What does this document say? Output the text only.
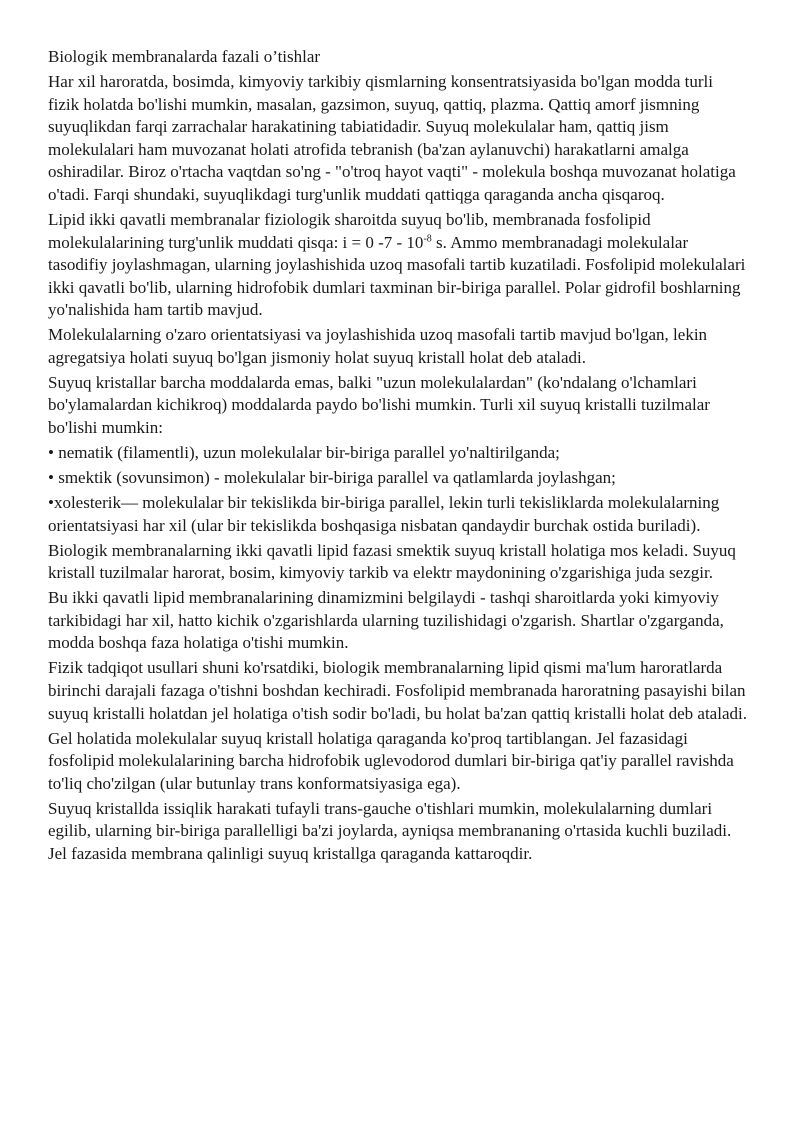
Biologik membranalarda fazali o’tishlar

Har xil haroratda, bosimda, kimyoviy tarkibiy qismlarning konsentratsiyasida bo'lgan modda turli fizik holatda bo'lishi mumkin, masalan, gazsimon, suyuq, qattiq, plazma. Qattiq amorf jismning suyuqlikdan farqi zarrachalar harakatining tabiatidadir. Suyuq molekulalar ham, qattiq jism molekulalari ham muvozanat holati atrofida tebranish (ba'zan aylanuvchi) harakatlarni amalga oshiradilar. Biroz o'rtacha vaqtdan so'ng - "o'troq hayot vaqti" - molekula boshqa muvozanat holatiga o'tadi. Farqi shundaki, suyuqlikdagi turg'unlik muddati qattiqga qaraganda ancha qisqaroq.

Lipid ikki qavatli membranalar fiziologik sharoitda suyuq bo'lib, membranada fosfolipid molekulalarining turg'unlik muddati qisqa: i = 0 $-7 - 10^{-8}$ s. Ammo membranadagi molekulalar tasodifiy joylashmagan, ularning joylashishida uzoq masofali tartib kuzatiladi. Fosfolipid molekulalari ikki qavatli bo'lib, ularning hidrofobik dumlari taxminan bir-biriga parallel. Polar gidrofil boshlarning yo'nalishida ham tartib mavjud.

Molekulalarning o'zaro orientatsiyasi va joylashishida uzoq masofali tartib mavjud bo'lgan, lekin agregatsiya holati suyuq bo'lgan jismoniy holat suyuq kristall holat deb ataladi.

Suyuq kristallar barcha moddalarda emas, balki "uzun molekulalardan" (ko'ndalang o'lchamlari bo'ylamalardan kichikroq) moddalarda paydo bo'lishi mumkin. Turli xil suyuq kristalli tuzilmalar bo'lishi mumkin:

• nematik (filamentli), uzun molekulalar bir-biriga parallel yo'naltirilganda;

• smektik (sovunsimon) - molekulalar bir-biriga parallel va qatlamlarda joylashgan;

•xolesterik— molekulalar bir tekislikda bir-biriga parallel, lekin turli tekisliklarda molekulalarning orientatsiyasi har xil (ular bir tekislikda boshqasiga nisbatan qandaydir burchak ostida buriladi).

Biologik membranalarning ikki qavatli lipid fazasi smektik suyuq kristall holatiga mos keladi. Suyuq kristall tuzilmalar harorat, bosim, kimyoviy tarkib va elektr maydonining o'zgarishiga juda sezgir.

Bu ikki qavatli lipid membranalarining dinamizmini belgilaydi - tashqi sharoitlarda yoki kimyoviy tarkibidagi har xil, hatto kichik o'zgarishlarda ularning tuzilishidagi o'zgarish. Shartlar o'zgarganda, modda boshqa faza holatiga o'tishi mumkin.

Fizik tadqiqot usullari shuni ko'rsatdiki, biologik membranalarning lipid qismi ma'lum haroratlarda birinchi darajali fazaga o'tishni boshdan kechiradi. Fosfolipid membranada haroratning pasayishi bilan suyuq kristalli holatdan jel holatiga o'tish sodir bo'ladi, bu holat ba'zan qattiq kristalli holat deb ataladi.

Gel holatida molekulalar suyuq kristall holatiga qaraganda ko'proq tartiblangan. Jel fazasidagi fosfolipid molekulalarining barcha hidrofobik uglevodorod dumlari bir-biriga qat'iy parallel ravishda to'liq cho'zilgan (ular butunlay trans konformatsiyasiga ega).

Suyuq kristallda issiqlik harakati tufayli trans-gauche o'tishlari mumkin, molekulalarning dumlari egilib, ularning bir-biriga parallelligi ba'zi joylarda, ayniqsa membrananing o'rtasida kuchli buziladi. Jel fazasida membrana qalinligi suyuq kristallga qaraganda kattaroqdir.
